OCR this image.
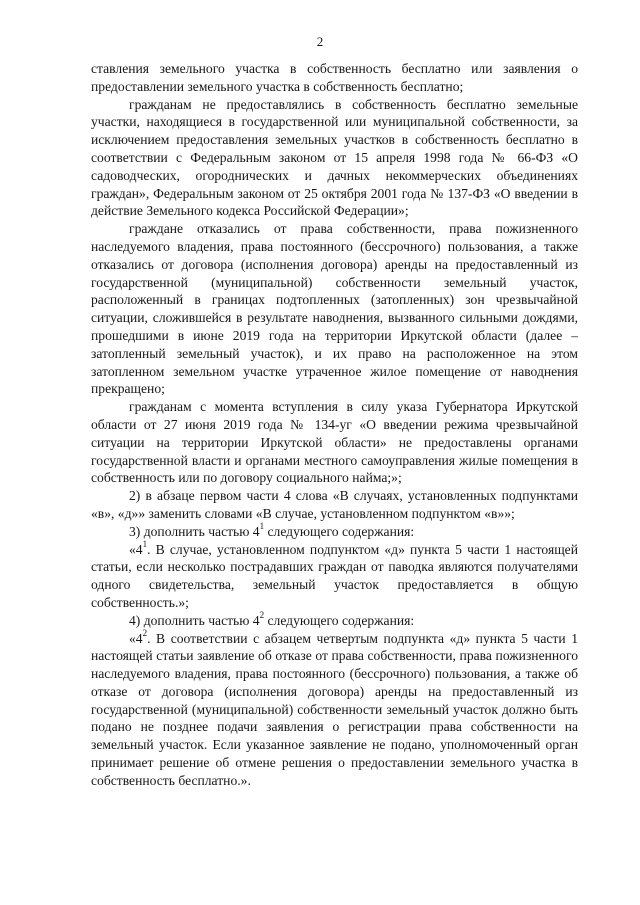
2

ставления земельного участка в собственность бесплатно или заявления о предоставлении земельного участка в собственность бесплатно;

гражданам не предоставлялись в собственность бесплатно земельные участки, находящиеся в государственной или муниципальной собственности, за исключением предоставления земельных участков в собственность бесплатно в соответствии с Федеральным законом от 15 апреля 1998 года № 66-ФЗ «О садоводческих, огороднических и дачных некоммерческих объединениях граждан», Федеральным законом от 25 октября 2001 года № 137-ФЗ «О введении в действие Земельного кодекса Российской Федерации»;

граждане отказались от права собственности, права пожизненного наследуемого владения, права постоянного (бессрочного) пользования, а также отказались от договора (исполнения договора) аренды на предоставленный из государственной (муниципальной) собственности земельный участок, расположенный в границах подтопленных (затопленных) зон чрезвычайной ситуации, сложившейся в результате наводнения, вызванного сильными дождями, прошедшими в июне 2019 года на территории Иркутской области (далее – затопленный земельный участок), и их право на расположенное на этом затопленном земельном участке утраченное жилое помещение от наводнения прекращено;

гражданам с момента вступления в силу указа Губернатора Иркутской области от 27 июня 2019 года № 134-уг «О введении режима чрезвычайной ситуации на территории Иркутской области» не предоставлены органами государственной власти и органами местного самоуправления жилые помещения в собственность или по договору социального найма;»;

2) в абзаце первом части 4 слова «В случаях, установленных подпунктами «в», «д»» заменить словами «В случае, установленном подпунктом «в»»;

3) дополнить частью $4^1$ следующего содержания:

«$4^1$. В случае, установленном подпунктом «д» пункта 5 части 1 настоящей статьи, если несколько пострадавших граждан от паводка являются получателями одного свидетельства, земельный участок предоставляется в общую собственность.»;

4) дополнить частью $4^2$ следующего содержания:

«$4^2$. В соответствии с абзацем четвертым подпункта «д» пункта 5 части 1 настоящей статьи заявление об отказе от права собственности, права пожизненного наследуемого владения, права постоянного (бессрочного) пользования, а также об отказе от договора (исполнения договора) аренды на предоставленный из государственной (муниципальной) собственности земельный участок должно быть подано не позднее подачи заявления о регистрации права собственности на земельный участок. Если указанное заявление не подано, уполномоченный орган принимает решение об отмене решения о предоставлении земельного участка в собственность бесплатно.».
